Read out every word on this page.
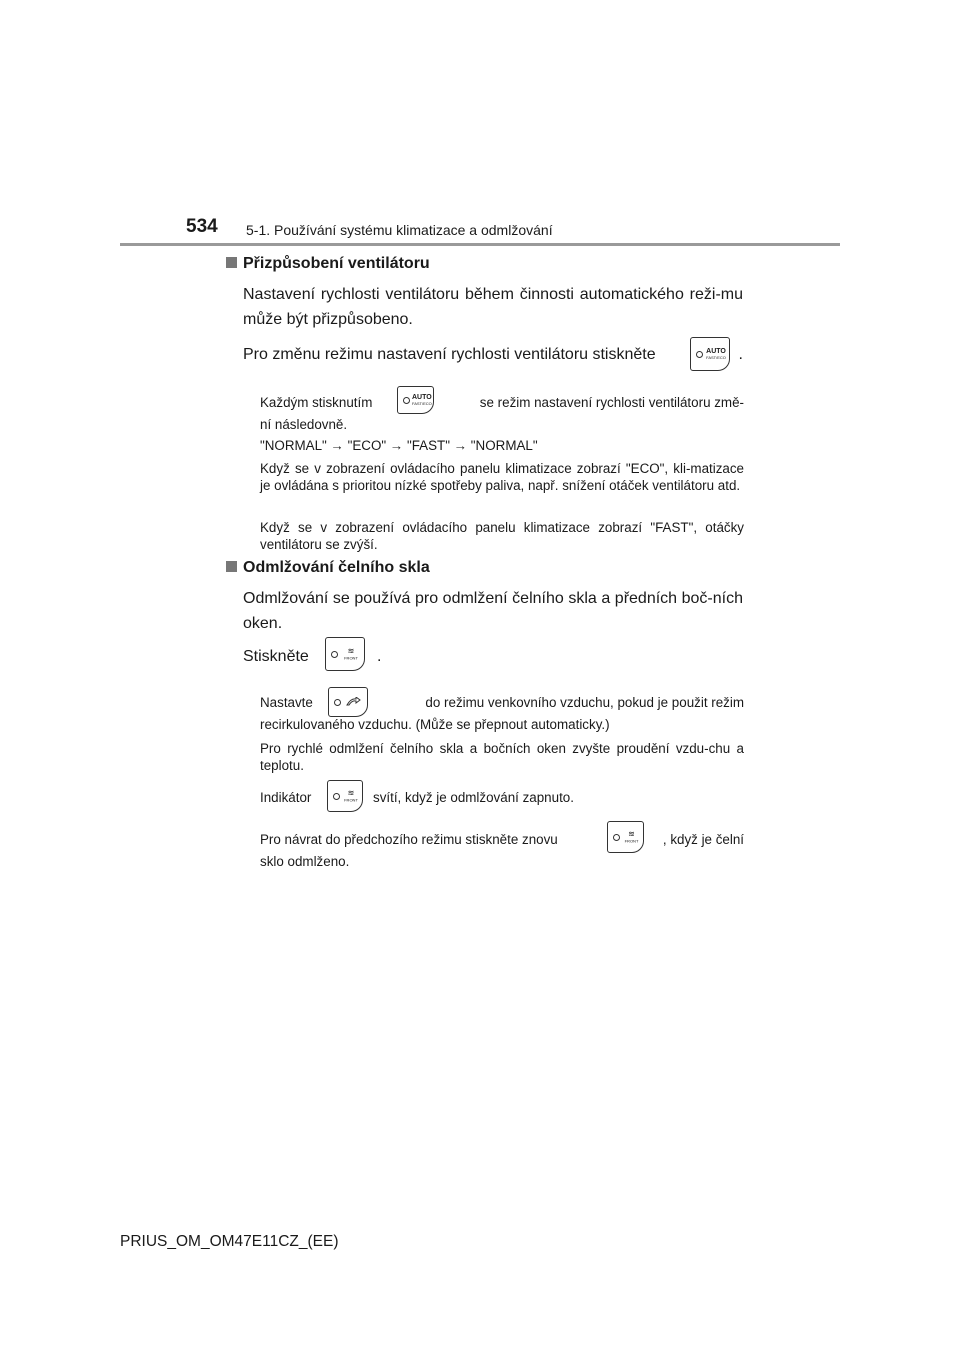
534 5-1. Používání systému klimatizace a odmlžování
Přizpůsobení ventilátoru
Nastavení rychlosti ventilátoru během činnosti automatického reži-mu může být přizpůsobeno.
Pro změnu režimu nastavení rychlosti ventilátoru stiskněte	.
AUTO
FAST/ECO
Každým stisknutím	se režim nastavení rychlosti ventilátoru změ-
AUTO
FAST/ECO
ní následovně.
"NORMAL" → "ECO" → "FAST" → "NORMAL"
Když se v zobrazení ovládacího panelu klimatizace zobrazí "ECO", kli-matizace je ovládána s prioritou nízké spotřeby paliva, např. snížení otáček ventilátoru atd.
Když se v zobrazení ovládacího panelu klimatizace zobrazí "FAST", otáčky ventilátoru se zvýší.
Odmlžování čelního skla
Odmlžování se používá pro odmlžení čelního skla a předních boč-ních oken.
Stiskněte	≋
FRONT .
Nastavte	do režimu venkovního vzduchu, pokud je použit režim
recirkulovaného vzduchu. (Může se přepnout automaticky.)
Pro rychlé odmlžení čelního skla a bočních oken zvyšte proudění vzdu-chu a teplotu.
Indikátor	≋
FRONT svítí, když je odmlžování zapnuto.
Pro návrat do předchozího režimu stiskněte znovu	, když je čelní
≋
FRONT
sklo odmlženo.
PRIUS_OM_OM47E11CZ_(EE)
